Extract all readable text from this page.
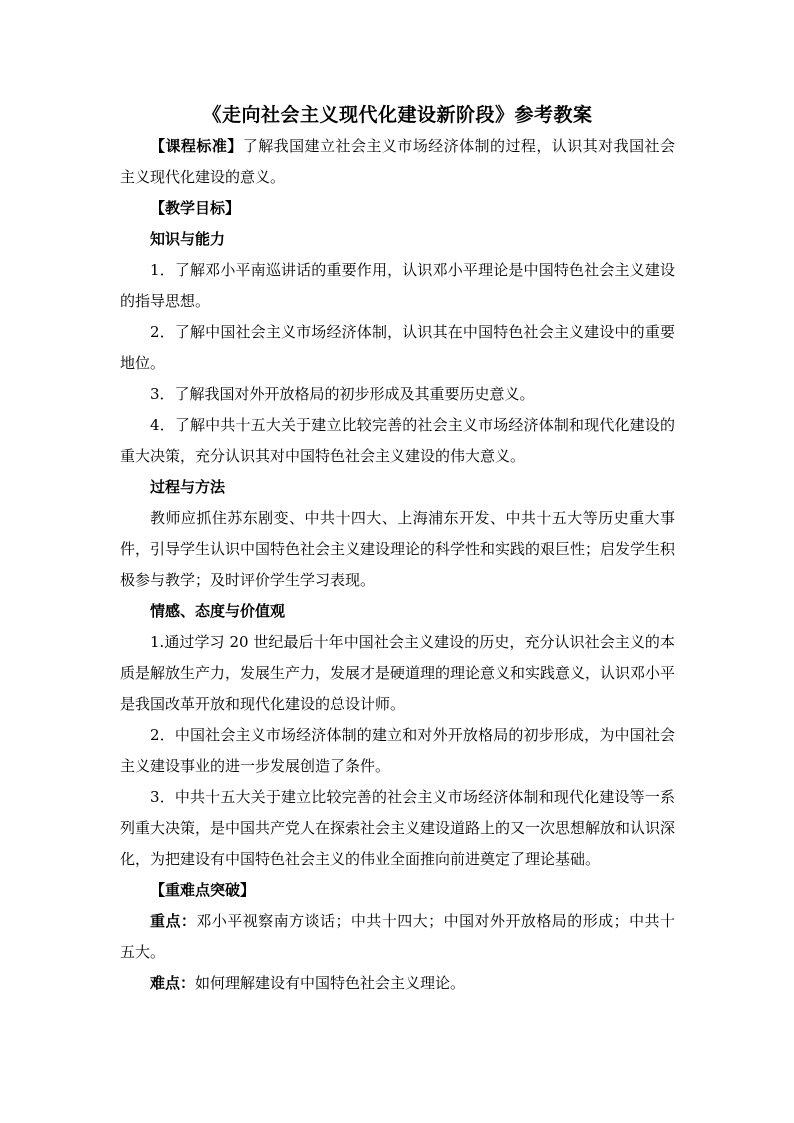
《走向社会主义现代化建设新阶段》参考教案

【课程标准】了解我国建立社会主义市场经济体制的过程，认识其对我国社会主义现代化建设的意义。

【教学目标】

知识与能力

1．了解邓小平南巡讲话的重要作用，认识邓小平理论是中国特色社会主义建设的指导思想。

2．了解中国社会主义市场经济体制，认识其在中国特色社会主义建设中的重要地位。

3．了解我国对外开放格局的初步形成及其重要历史意义。

4．了解中共十五大关于建立比较完善的社会主义市场经济体制和现代化建设的重大决策，充分认识其对中国特色社会主义建设的伟大意义。

过程与方法

教师应抓住苏东剧变、中共十四大、上海浦东开发、中共十五大等历史重大事件，引导学生认识中国特色社会主义建设理论的科学性和实践的艰巨性；启发学生积极参与教学；及时评价学生学习表现。

情感、态度与价值观

1.通过学习 20 世纪最后十年中国社会主义建设的历史，充分认识社会主义的本质是解放生产力，发展生产力，发展才是硬道理的理论意义和实践意义，认识邓小平是我国改革开放和现代化建设的总设计师。

2．中国社会主义市场经济体制的建立和对外开放格局的初步形成，为中国社会主义建设事业的进一步发展创造了条件。

3．中共十五大关于建立比较完善的社会主义市场经济体制和现代化建设等一系列重大决策，是中国共产党人在探索社会主义建设道路上的又一次思想解放和认识深化，为把建设有中国特色社会主义的伟业全面推向前进奠定了理论基础。

【重难点突破】

重点：邓小平视察南方谈话；中共十四大；中国对外开放格局的形成；中共十五大。

难点：如何理解建设有中国特色社会主义理论。
